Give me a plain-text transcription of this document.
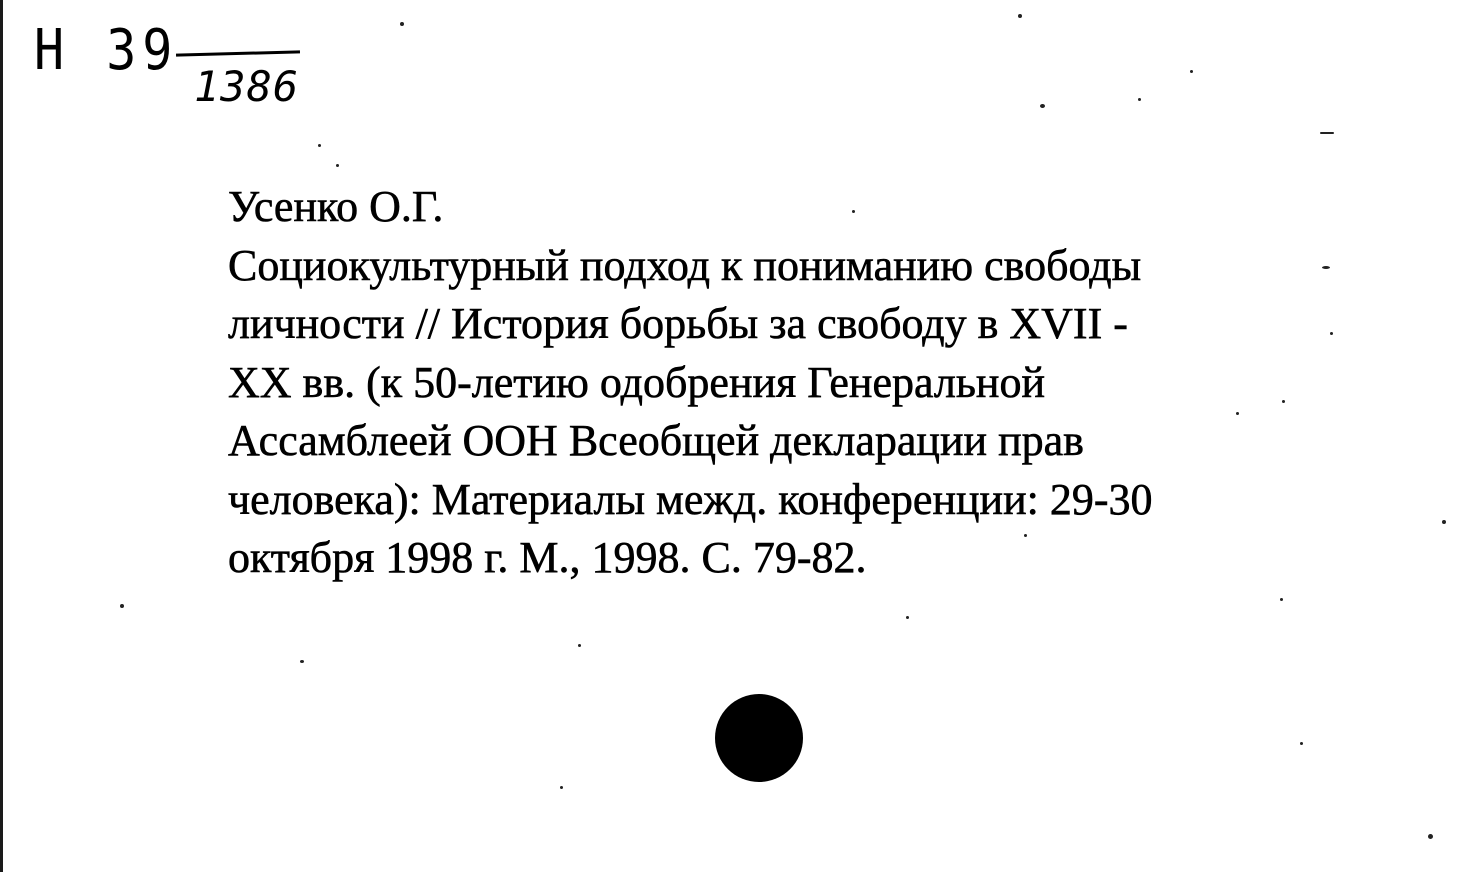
Н 39
1386
Усенко О.Г.
Социокультурный подход к пониманию свободы
личности // История борьбы за свободу в XVII -
XX вв. (к 50-летию одобрения Генеральной
Ассамблеей ООН Всеобщей декларации прав
человека): Материалы межд. конференции: 29-30
октября 1998 г. М., 1998. С. 79-82.
